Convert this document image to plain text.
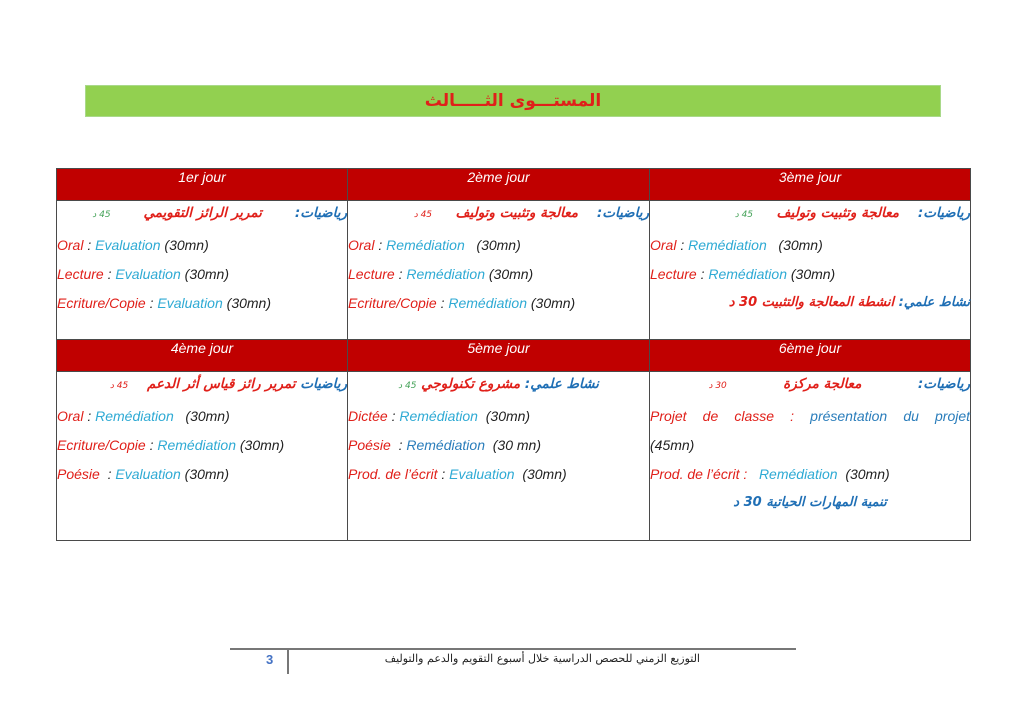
المستـــوى الثـــــالث
1er jour	2ème jour	3ème jour

رياضيات:       تمرير الرائز التقويمي       45 د
Oral : Evaluation (30mn)
Lecture : Evaluation (30mn)
Ecriture/Copie : Evaluation (30mn)

رياضيات:    معالجة وتثبيت وتوليف     45 د
Oral : Remédiation   (30mn)
Lecture : Remédiation (30mn)
Ecriture/Copie : Remédiation (30mn)

رياضيات:    معالجة وتثبيت وتوليف     45 د
Oral : Remédiation   (30mn)
Lecture : Remédiation (30mn)
نشاط علمي: انشطة المعالجة والتثبيت 30 د

4ème jour	5ème jour	6ème jour

رياضيات تمرير رائز قياس أثر الدعم    45 د
Oral : Remédiation   (30mn)
Ecriture/Copie : Remédiation (30mn)
Poésie  : Evaluation (30mn)

نشاط علمي: مشروع تكنولوجي 45 د
Dictée : Remédiation  (30mn)
Poésie  : Remédiation  (30 mn)
Prod. de l’écrit : Evaluation  (30mn)

رياضيات:            معالجة مركزة            30 د
Projet de classe : présentation du projet
(45mn)
Prod. de l’écrit :   Remédiation  (30mn)
تنمية المهارات الحياتية 30 د
3	التوزيع الزمني للحصص الدراسية خلال أسبوع التقويم والدعم والتوليف
